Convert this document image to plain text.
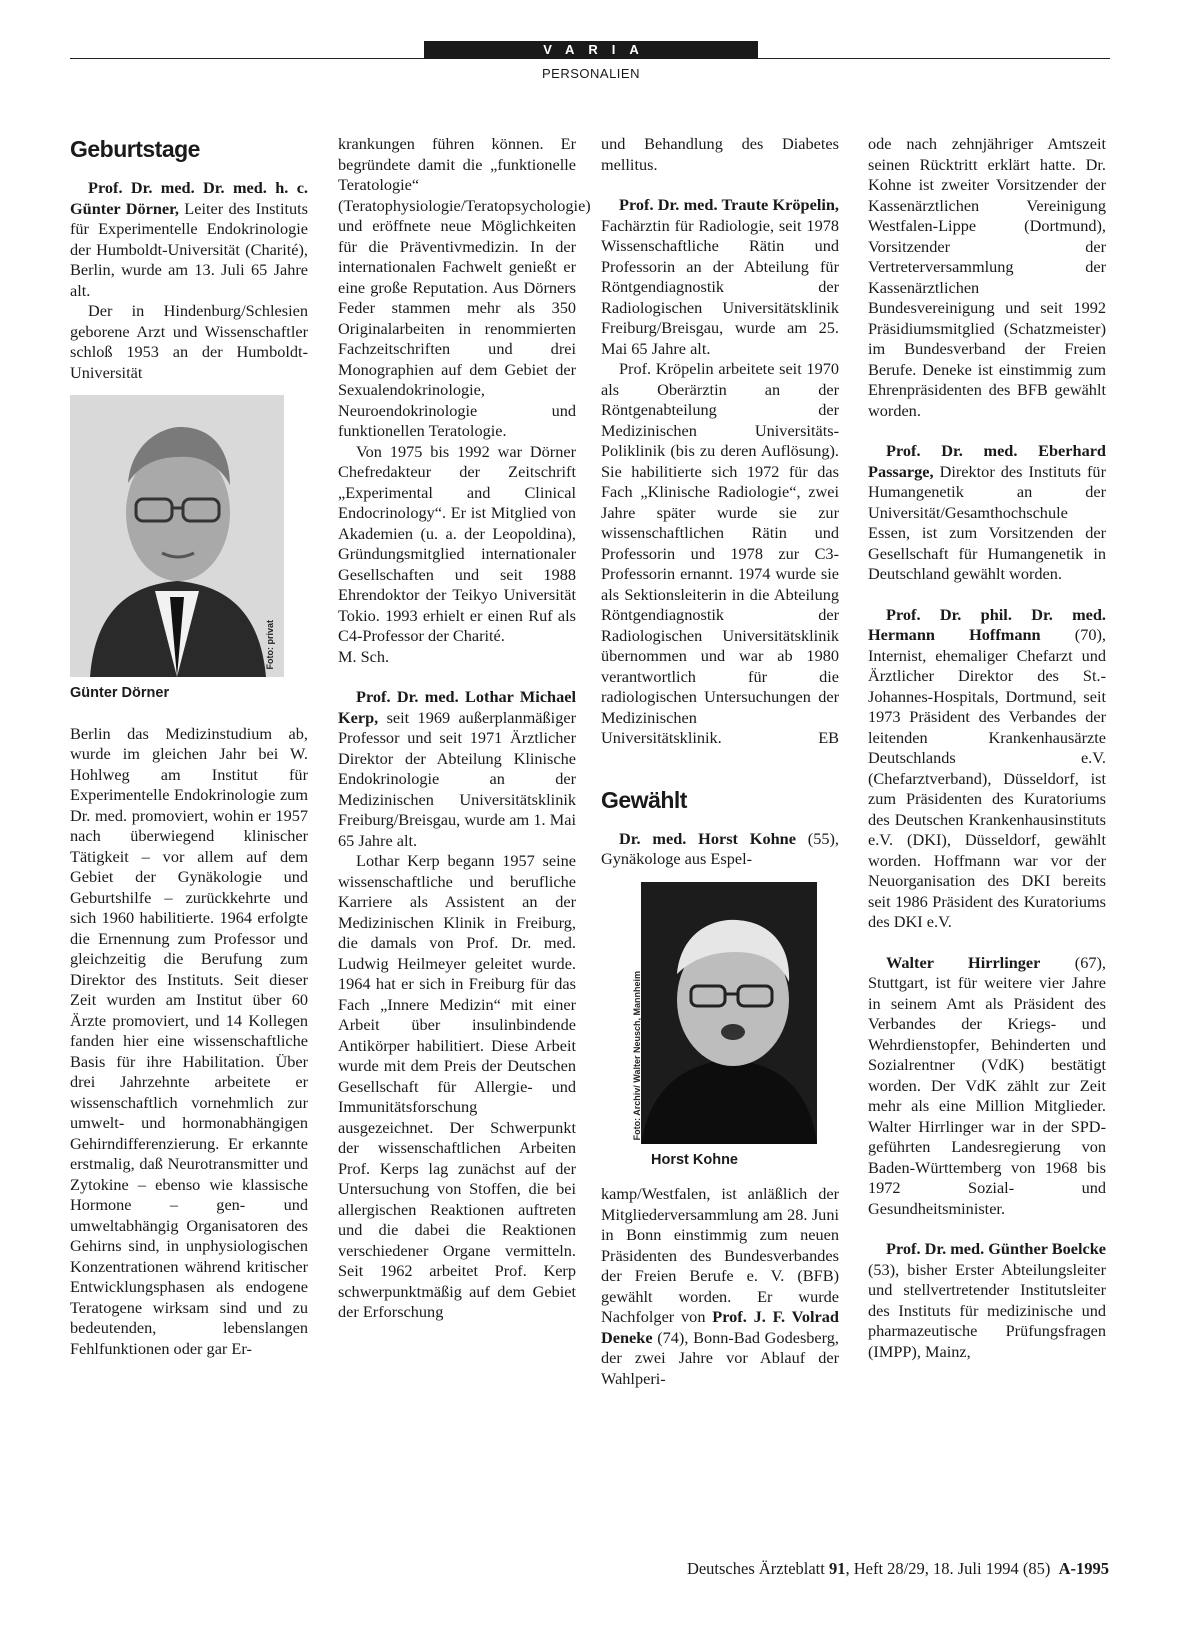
VARIA
PERSONALIEN
Geburtstage

Prof. Dr. med. Dr. med. h. c. Günter Dörner, Leiter des Instituts für Experimentelle Endokrinologie der Humboldt-Universität (Charité), Berlin, wurde am 13. Juli 65 Jahre alt.

Der in Hindenburg/Schlesien geborene Arzt und Wissenschaftler schloß 1953 an der Humboldt-Universität

Foto: privat
Günter Dörner

Berlin das Medizinstudium ab, wurde im gleichen Jahr bei W. Hohlweg am Institut für Experimentelle Endokrinologie zum Dr. med. promoviert, wohin er 1957 nach überwiegend klinischer Tätigkeit – vor allem auf dem Gebiet der Gynäkologie und Geburtshilfe – zurückkehrte und sich 1960 habilitierte. 1964 erfolgte die Ernennung zum Professor und gleichzeitig die Berufung zum Direktor des Instituts. Seit dieser Zeit wurden am Institut über 60 Ärzte promoviert, und 14 Kollegen fanden hier eine wissenschaftliche Basis für ihre Habilitation. Über drei Jahrzehnte arbeitete er wissenschaftlich vornehmlich zur umwelt- und hormonabhängigen Gehirndifferenzierung. Er erkannte erstmalig, daß Neurotransmitter und Zytokine – ebenso wie klassische Hormone – gen- und umweltabhängig Organisatoren des Gehirns sind, in unphysiologischen Konzentrationen während kritischer Entwicklungsphasen als endogene Teratogene wirksam sind und zu bedeutenden, lebenslangen Fehlfunktionen oder gar Er-

krankungen führen können. Er begründete damit die „funktionelle Teratologie“ (Teratophysiologie/Teratopsychologie) und eröffnete neue Möglichkeiten für die Präventivmedizin. In der internationalen Fachwelt genießt er eine große Reputation. Aus Dörners Feder stammen mehr als 350 Originalarbeiten in renommierten Fachzeitschriften und drei Monographien auf dem Gebiet der Sexualendokrinologie, Neuroendokrinologie und funktionellen Teratologie.

Von 1975 bis 1992 war Dörner Chefredakteur der Zeitschrift „Experimental and Clinical Endocrinology“. Er ist Mitglied von Akademien (u. a. der Leopoldina), Gründungsmitglied internationaler Gesellschaften und seit 1988 Ehrendoktor der Teikyo Universität Tokio. 1993 erhielt er einen Ruf als C4-Professor der Charité.

M. Sch.

Prof. Dr. med. Lothar Michael Kerp, seit 1969 außerplanmäßiger Professor und seit 1971 Ärztlicher Direktor der Abteilung Klinische Endokrinologie an der Medizinischen Universitätsklinik Freiburg/Breisgau, wurde am 1. Mai 65 Jahre alt.

Lothar Kerp begann 1957 seine wissenschaftliche und berufliche Karriere als Assistent an der Medizinischen Klinik in Freiburg, die damals von Prof. Dr. med. Ludwig Heilmeyer geleitet wurde. 1964 hat er sich in Freiburg für das Fach „Innere Medizin“ mit einer Arbeit über insulinbindende Antikörper habilitiert. Diese Arbeit wurde mit dem Preis der Deutschen Gesellschaft für Allergie- und Immunitätsforschung ausgezeichnet. Der Schwerpunkt der wissenschaftlichen Arbeiten Prof. Kerps lag zunächst auf der Untersuchung von Stoffen, die bei allergischen Reaktionen auftreten und die dabei die Reaktionen verschiedener Organe vermitteln. Seit 1962 arbeitet Prof. Kerp schwerpunktmäßig auf dem Gebiet der Erforschung

und Behandlung des Diabetes mellitus.

Prof. Dr. med. Traute Kröpelin, Fachärztin für Radiologie, seit 1978 Wissenschaftliche Rätin und Professorin an der Abteilung für Röntgendiagnostik der Radiologischen Universitätsklinik Freiburg/Breisgau, wurde am 25. Mai 65 Jahre alt.

Prof. Kröpelin arbeitete seit 1970 als Oberärztin an der Röntgenabteilung der Medizinischen Universitäts-Poliklinik (bis zu deren Auflösung). Sie habilitierte sich 1972 für das Fach „Klinische Radiologie“, zwei Jahre später wurde sie zur wissenschaftlichen Rätin und Professorin und 1978 zur C3-Professorin ernannt. 1974 wurde sie als Sektionsleiterin in die Abteilung Röntgendiagnostik der Radiologischen Universitätsklinik übernommen und war ab 1980 verantwortlich für die radiologischen Untersuchungen der Medizinischen

Universitätsklinik.	EB

Gewählt

Dr. med. Horst Kohne (55), Gynäkologe aus Espel-

Foto: Archiv/ Walter Neusch, Mannheim
Horst Kohne

kamp/Westfalen, ist anläßlich der Mitgliederversammlung am 28. Juni in Bonn einstimmig zum neuen Präsidenten des Bundesverbandes der Freien Berufe e. V. (BFB) gewählt worden. Er wurde Nachfolger von Prof. J. F. Volrad Deneke (74), Bonn-Bad Godesberg, der zwei Jahre vor Ablauf der Wahlperi-

ode nach zehnjähriger Amtszeit seinen Rücktritt erklärt hatte. Dr. Kohne ist zweiter Vorsitzender der Kassenärztlichen Vereinigung Westfalen-Lippe (Dortmund), Vorsitzender der Vertreterversammlung der Kassenärztlichen Bundesvereinigung und seit 1992 Präsidiumsmitglied (Schatzmeister) im Bundesverband der Freien Berufe. Deneke ist einstimmig zum Ehrenpräsidenten des BFB gewählt worden.

Prof. Dr. med. Eberhard Passarge, Direktor des Instituts für Humangenetik an der Universität/Gesamthochschule Essen, ist zum Vorsitzenden der Gesellschaft für Humangenetik in Deutschland gewählt worden.

Prof. Dr. phil. Dr. med. Hermann Hoffmann (70), Internist, ehemaliger Chefarzt und Ärztlicher Direktor des St.-Johannes-Hospitals, Dortmund, seit 1973 Präsident des Verbandes der leitenden Krankenhausärzte Deutschlands e.V. (Chefarztverband), Düsseldorf, ist zum Präsidenten des Kuratoriums des Deutschen Krankenhausinstituts e.V. (DKI), Düsseldorf, gewählt worden. Hoffmann war vor der Neuorganisation des DKI bereits seit 1986 Präsident des Kuratoriums des DKI e.V.

Walter Hirrlinger (67), Stuttgart, ist für weitere vier Jahre in seinem Amt als Präsident des Verbandes der Kriegs- und Wehrdienstopfer, Behinderten und Sozialrentner (VdK) bestätigt worden. Der VdK zählt zur Zeit mehr als eine Million Mitglieder. Walter Hirrlinger war in der SPD-geführten Landesregierung von Baden-Württemberg von 1968 bis 1972 Sozial- und Gesundheitsminister.

Prof. Dr. med. Günther Boelcke (53), bisher Erster Abteilungsleiter und stellvertretender Institutsleiter des Instituts für medizinische und pharmazeutische Prüfungsfragen (IMPP), Mainz,

Deutsches Ärzteblatt 91, Heft 28/29, 18. Juli 1994 (85) A-1995
